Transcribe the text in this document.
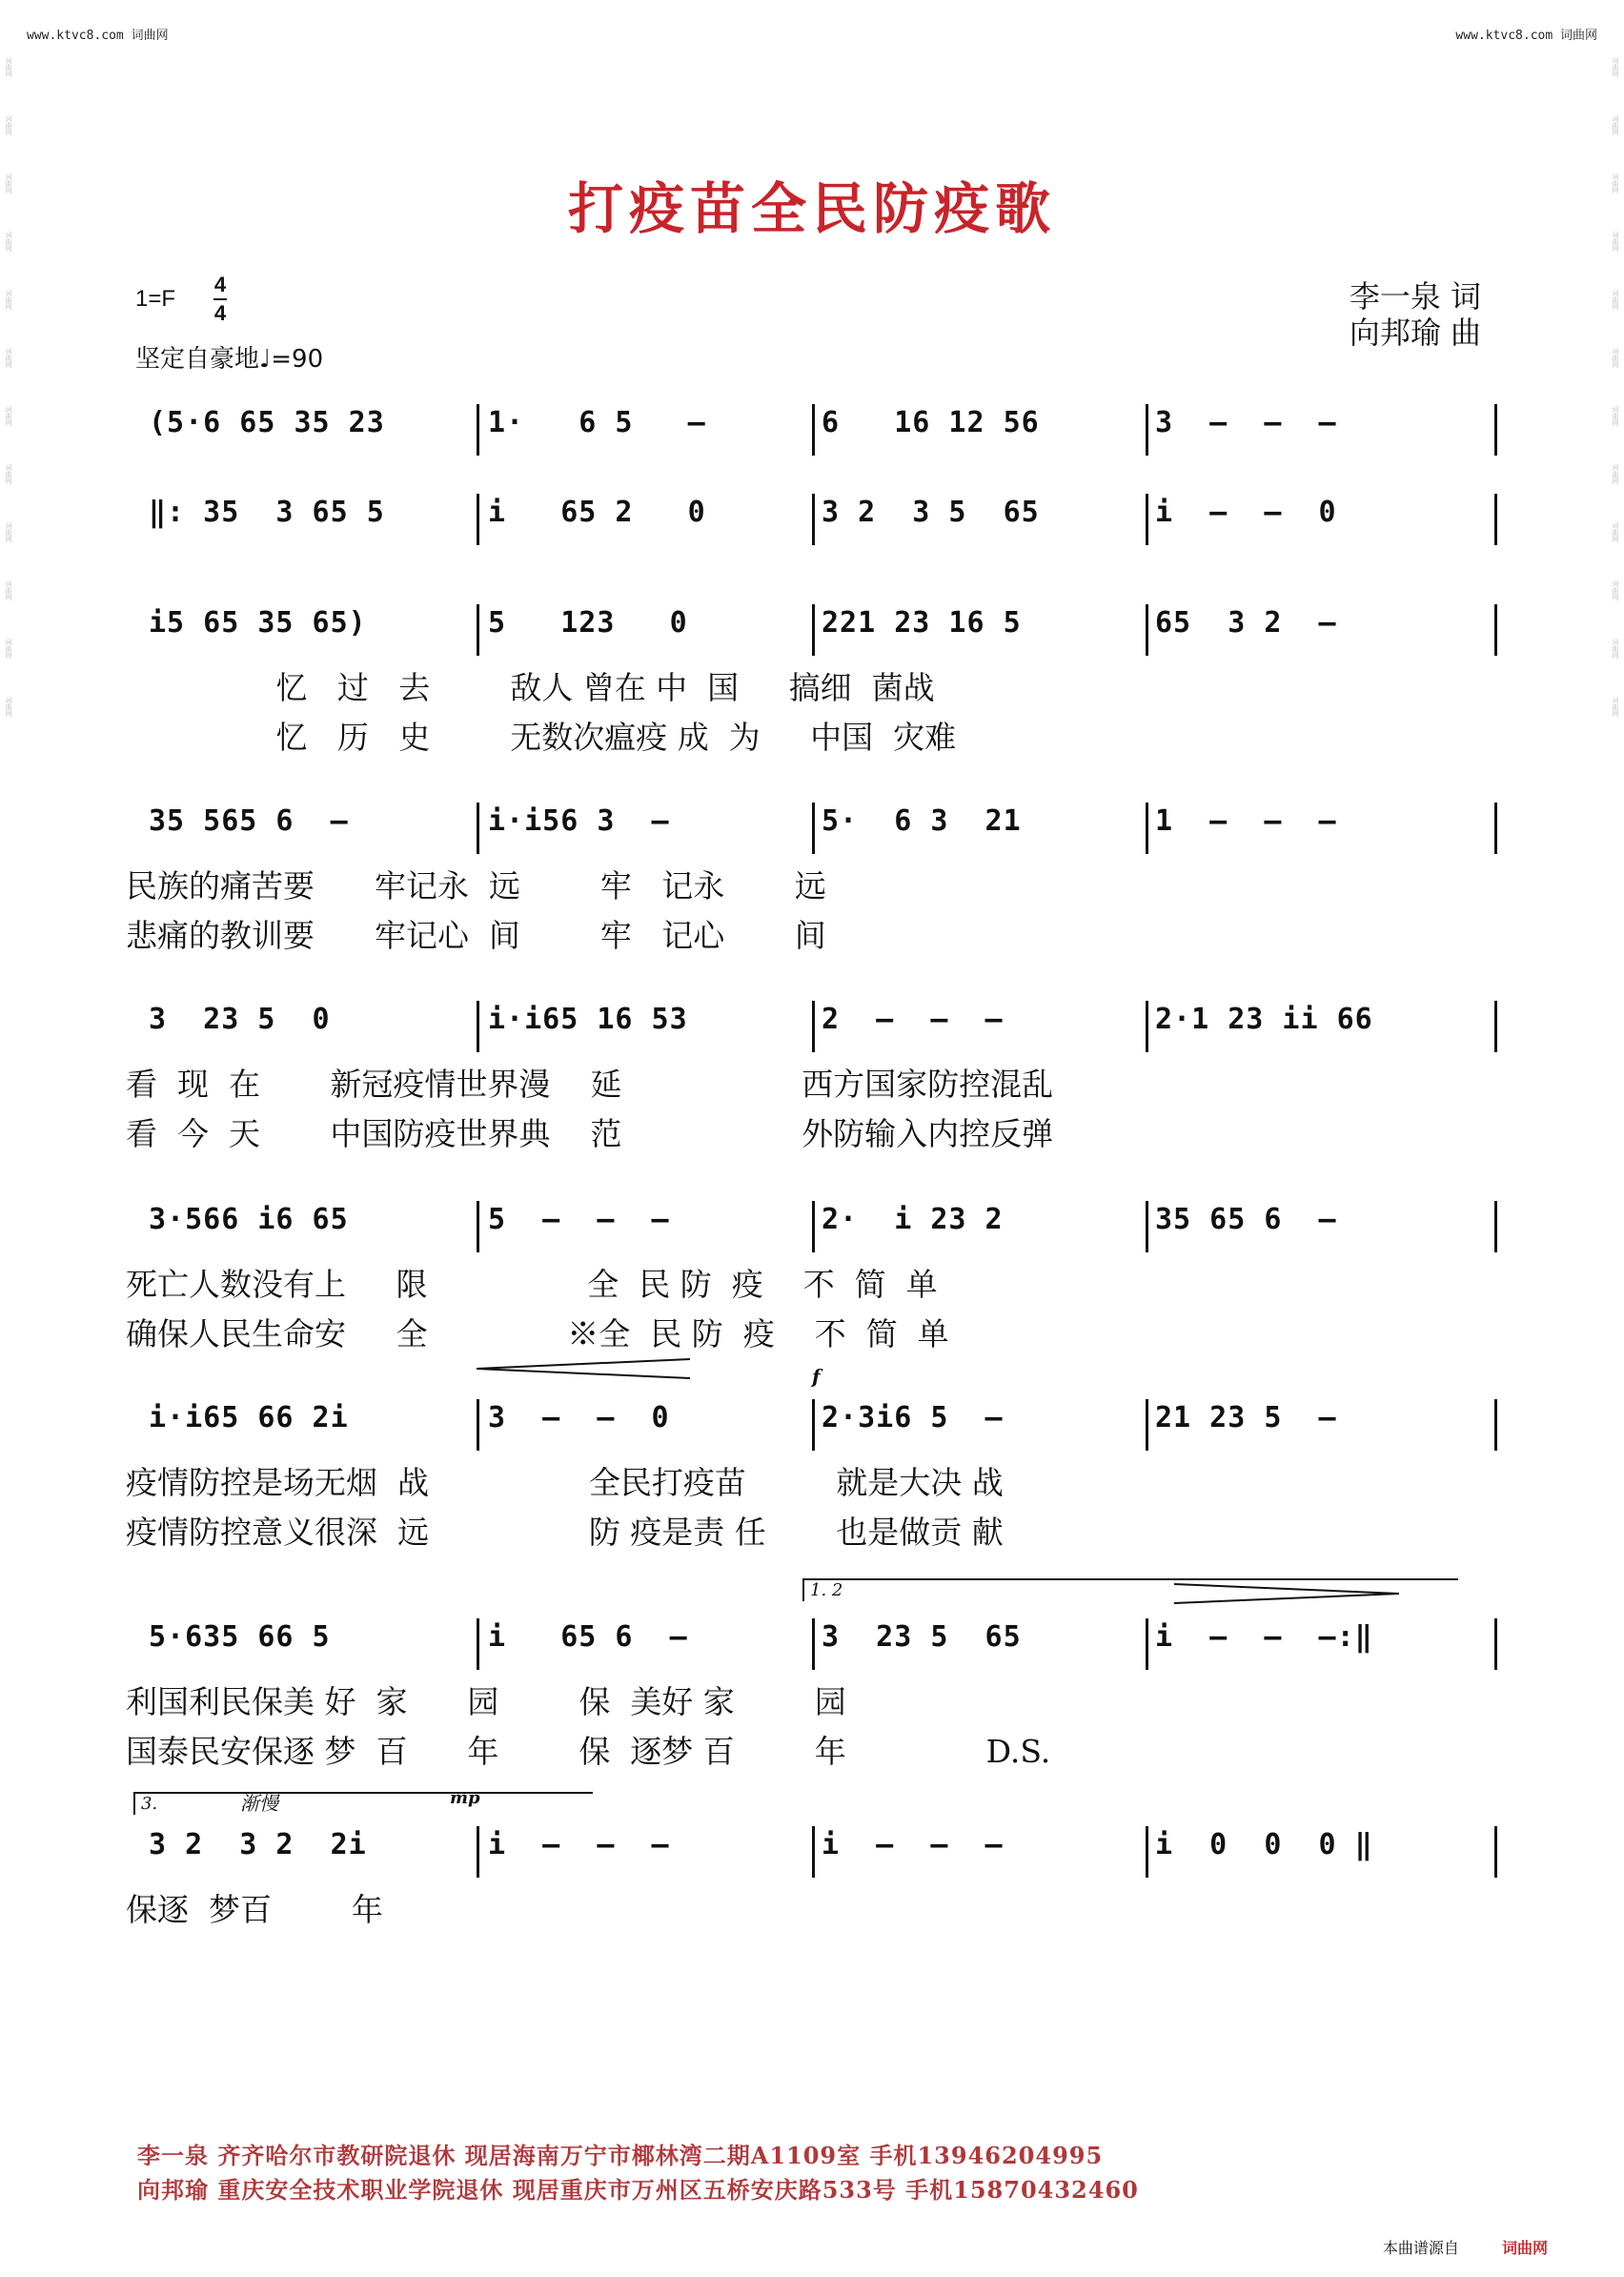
词曲网
词曲网
词曲网
词曲网
词曲网
词曲网
词曲网
词曲网
词曲网
词曲网
词曲网
词曲网
词曲网
词曲网
词曲网
词曲网
词曲网
词曲网
词曲网
词曲网
词曲网
词曲网
词曲网
词曲网
www.ktvc8.com 词曲网	www.ktvc8.com 词曲网
打疫苗全民防疫歌
1=F
4
4
坚定自豪地♩=90
李一泉 词
向邦瑜 曲
(5·6 65 35 23	1·   6 5   –	6   16 12 56	3  –  –  –
‖: 35  3 65 5	i   65 2   0	3 2  3 5  65	i  –  –  0
i5 65 35 65)	5   123   0	221 23 16 5	65  3 2  –
忆   过   去        敌人 曾在 中  国     搞细  菌战
忆   历   史        无数次瘟疫 成  为     中国  灾难
35 565 6  –	i·i56 3  –	5·  6 3  21	1  –  –  –
民族的痛苦要      牢记永  远        牢   记永       远
悲痛的教训要      牢记心  间        牢   记心       间
3  23 5  0	i·i65 16 53	2  –  –  –	2·1 23 ii 66
看  现  在       新冠疫情世界漫    延                  西方国家防控混乱
看  今  天       中国防疫世界典    范                  外防输入内控反弹
3·566 i6 65	5  –  –  –	2·  i 23 2	35 65 6  –
死亡人数没有上     限                全  民 防  疫    不  简  单
确保人民生命安     全              ※全  民 防  疫    不  简  单
i·i65 66 2i	3  –  –  0	2·3i6 5  –	21 23 5  –
疫情防控是场无烟  战                全民打疫苗         就是大决 战
疫情防控意义很深  远                防 疫是责 任       也是做贡 献
5·635 66 5	i   65 6  –	3  23 5  65	i  –  –  –:‖
利国利民保美 好  家      园        保  美好 家        园
国泰民安保逐 梦  百      年        保  逐梦 百        年              D.S.
3 2  3 2  2i	i  –  –  –	i  –  –  –	i  0  0  0 ‖
保逐  梦百        年
1. 2
3.	渐慢	mp
f
李一泉 齐齐哈尔市教研院退休 现居海南万宁市椰林湾二期A1109室 手机13946204995
向邦瑜 重庆安全技术职业学院退休 现居重庆市万州区五桥安庆路533号 手机15870432460
本曲谱源自	词曲网
